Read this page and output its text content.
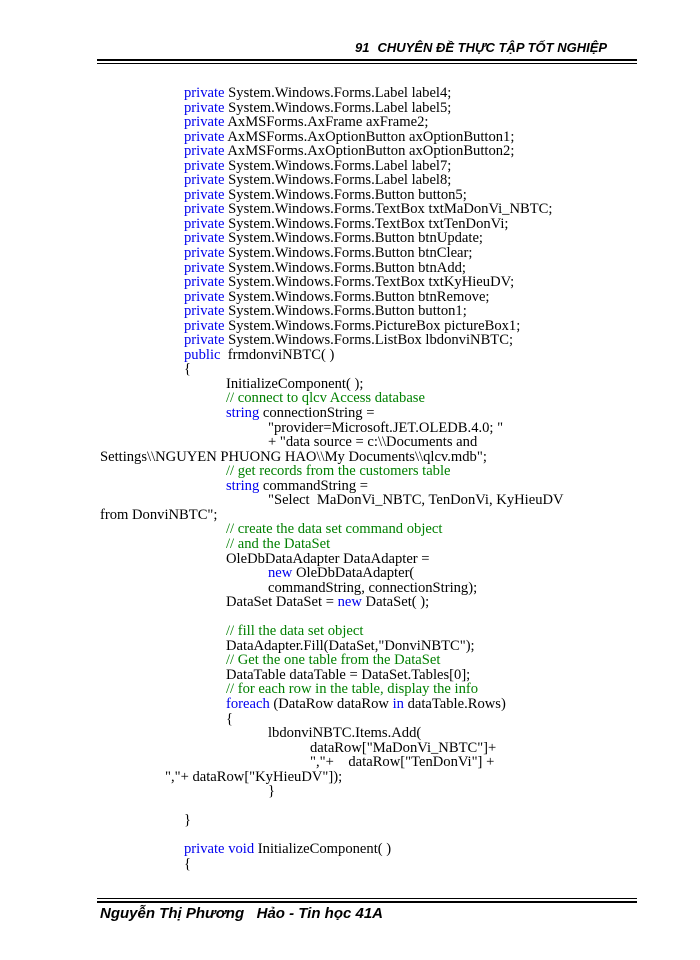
91 CHUYÊN ĐỀ THỰC TẬP TỐT NGHIỆP
private System.Windows.Forms.Label label4;
private System.Windows.Forms.Label label5;
private AxMSForms.AxFrame axFrame2;
private AxMSForms.AxOptionButton axOptionButton1;
private AxMSForms.AxOptionButton axOptionButton2;
private System.Windows.Forms.Label label7;
private System.Windows.Forms.Label label8;
private System.Windows.Forms.Button button5;
private System.Windows.Forms.TextBox txtMaDonVi_NBTC;
private System.Windows.Forms.TextBox txtTenDonVi;
private System.Windows.Forms.Button btnUpdate;
private System.Windows.Forms.Button btnClear;
private System.Windows.Forms.Button btnAdd;
private System.Windows.Forms.TextBox txtKyHieuDV;
private System.Windows.Forms.Button btnRemove;
private System.Windows.Forms.Button button1;
private System.Windows.Forms.PictureBox pictureBox1;
private System.Windows.Forms.ListBox lbdonviNBTC;
public  frmdonviNBTC( )
{
InitializeComponent( );
// connect to qlcv Access database
string connectionString =
"provider=Microsoft.JET.OLEDB.4.0; "
+ "data source = c:\\Documents and
Settings\\NGUYEN PHUONG HAO\\My Documents\\qlcv.mdb";
// get records from the customers table
string commandString =
"Select  MaDonVi_NBTC, TenDonVi, KyHieuDV
from DonviNBTC";
// create the data set command object
// and the DataSet
OleDbDataAdapter DataAdapter =
new OleDbDataAdapter(
commandString, connectionString);
DataSet DataSet = new DataSet( );
// fill the data set object
DataAdapter.Fill(DataSet,"DonviNBTC");
// Get the one table from the DataSet
DataTable dataTable = DataSet.Tables[0];
// for each row in the table, display the info
foreach (DataRow dataRow in dataTable.Rows)
{
lbdonviNBTC.Items.Add(
dataRow["MaDonVi_NBTC"]+
","+    dataRow["TenDonVi"] +
","+ dataRow["KyHieuDV"]);
}
}
private void InitializeComponent( )
{
Nguyễn Thị Phương   Hảo - Tin học 41A
